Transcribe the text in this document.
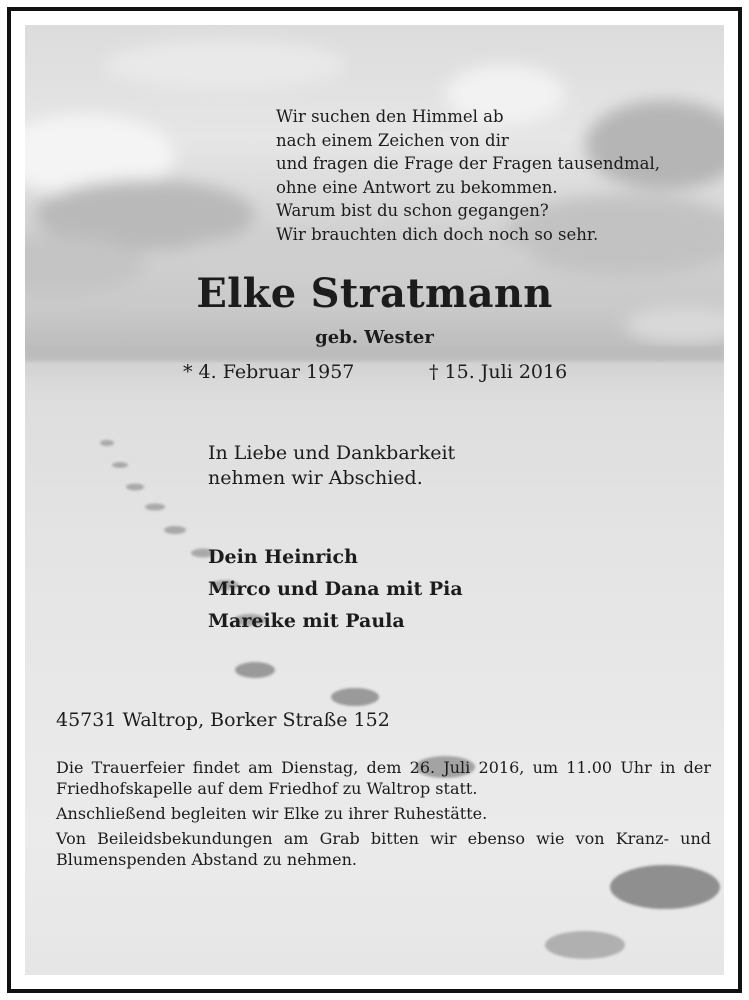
Wir suchen den Himmel ab
nach einem Zeichen von dir
und fragen die Frage der Fragen tausendmal,
ohne eine Antwort zu bekommen.
Warum bist du schon gegangen?
Wir brauchten dich doch noch so sehr.
Elke Stratmann
geb. Wester
* 4. Februar 1957	† 15. Juli 2016
In Liebe und Dankbarkeit
nehmen wir Abschied.
Dein Heinrich
Mirco und Dana mit Pia
Mareike mit Paula
45731 Waltrop, Borker Straße 152

Die Trauerfeier findet am Dienstag, dem 26. Juli 2016, um 11.00 Uhr in der Friedhofskapelle auf dem Friedhof zu Waltrop statt.

Anschließend begleiten wir Elke zu ihrer Ruhestätte.

Von Beileidsbekundungen am Grab bitten wir ebenso wie von Kranz- und Blumenspenden Abstand zu nehmen.
